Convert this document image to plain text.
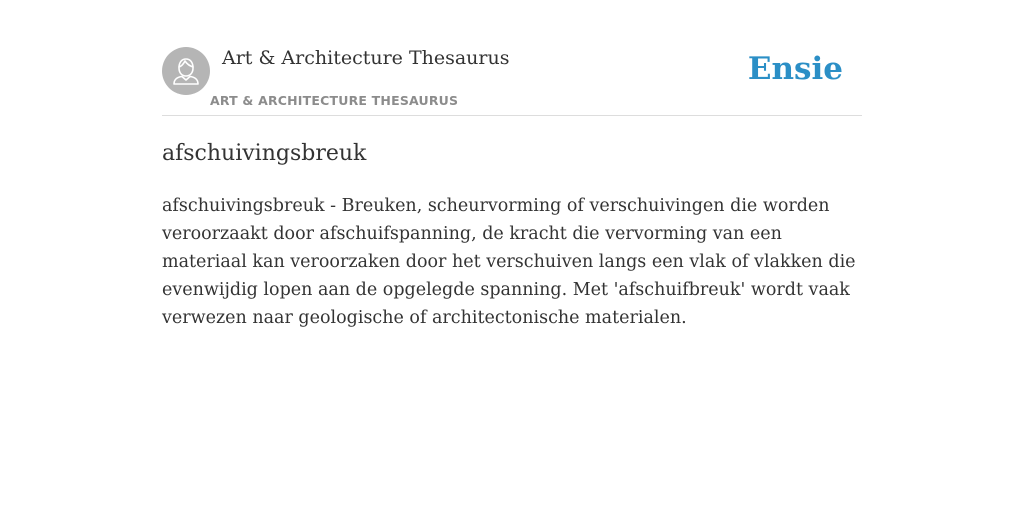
Art & Architecture Thesaurus
ART & ARCHITECTURE THESAURUS
Ensie
afschuivingsbreuk

afschuivingsbreuk - Breuken, scheurvorming of verschuivingen die worden veroorzaakt door afschuifspanning, de kracht die vervorming van een materiaal kan veroorzaken door het verschuiven langs een vlak of vlakken die evenwijdig lopen aan de opgelegde spanning. Met 'afschuifbreuk' wordt vaak verwezen naar geologische of architectonische materialen.
